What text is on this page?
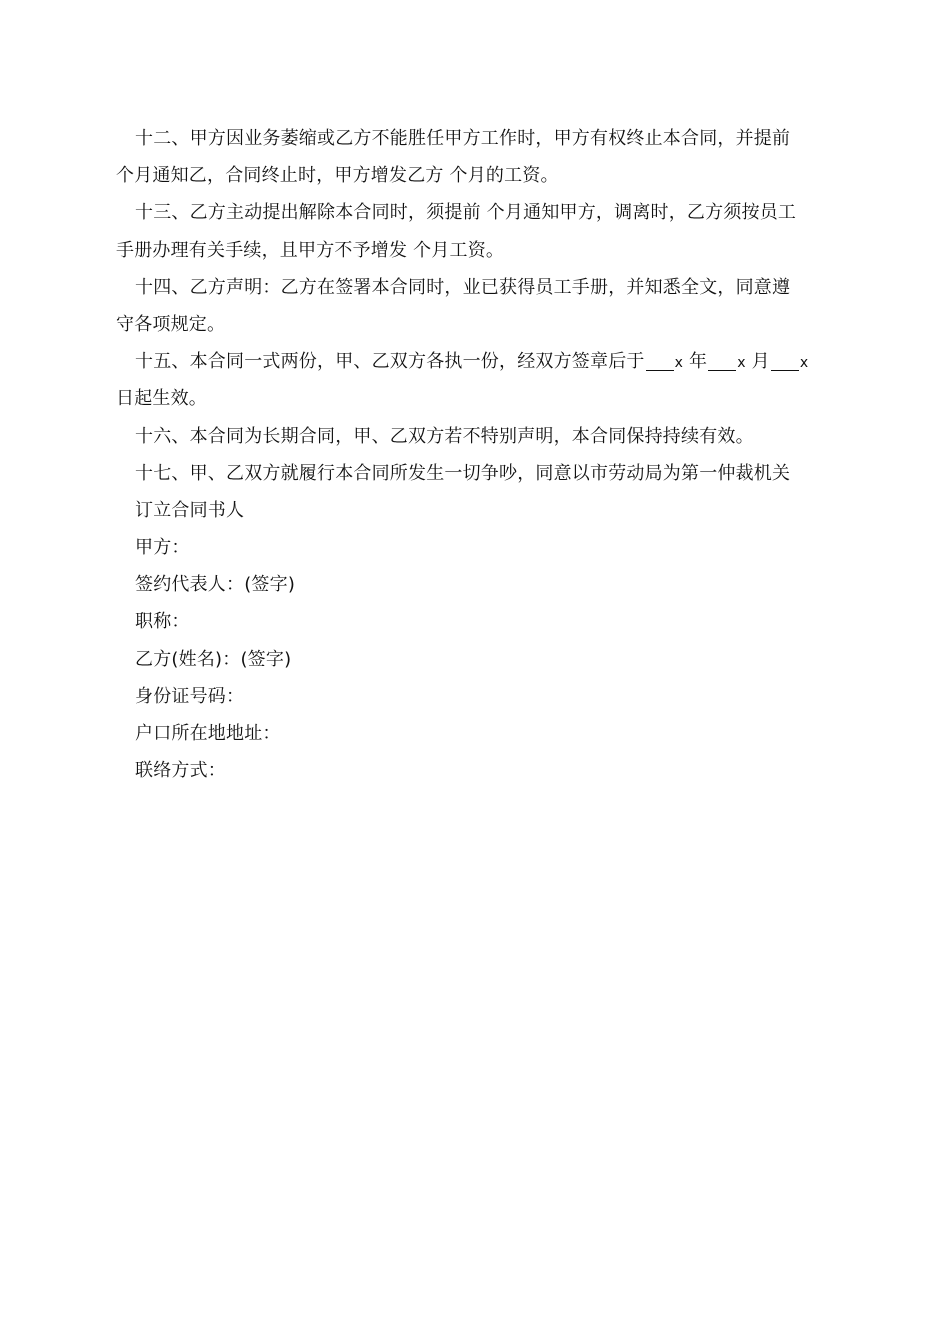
十二、甲方因业务萎缩或乙方不能胜任甲方工作时，甲方有权终止本合同，并提前
个月通知乙，合同终止时，甲方增发乙方 个月的工资。
十三、乙方主动提出解除本合同时，须提前 个月通知甲方，调离时，乙方须按员工
手册办理有关手续，且甲方不予增发 个月工资。
十四、乙方声明：乙方在签署本合同时，业已获得员工手册，并知悉全文，同意遵
守各项规定。
十五、本合同一式两份，甲、乙双方各执一份，经双方签章后于 x 年 x 月 x
日起生效。
十六、本合同为长期合同，甲、乙双方若不特别声明，本合同保持持续有效。
十七、甲、乙双方就履行本合同所发生一切争吵，同意以市劳动局为第一仲裁机关
订立合同书人
甲方：
签约代表人：(签字)
职称：
乙方(姓名)：(签字)
身份证号码：
户口所在地地址：
联络方式：
